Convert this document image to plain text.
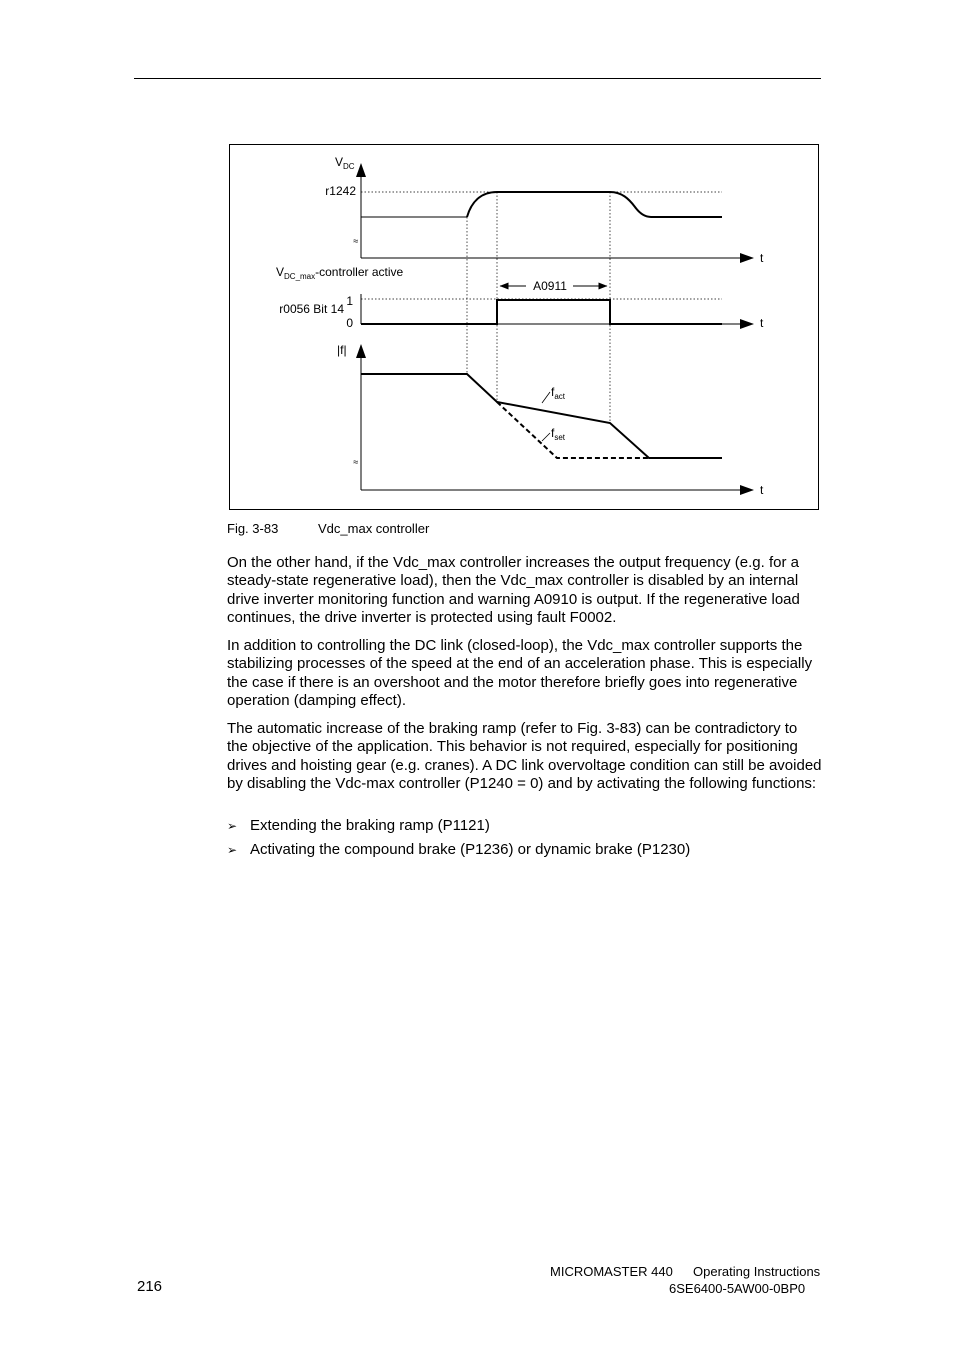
$V_{DC}$
r1242
t
≈
$V_{DC\_max}$-controller active
t
1
0
r0056 Bit 14
A0911
|f|
t
$f_{act}$
$f_{set}$
≈
Fig. 3-83	Vdc_max controller

On the other hand, if the Vdc_max controller increases the output frequency (e.g. for a steady-state regenerative load), then the Vdc_max controller is disabled by an internal drive inverter monitoring function and warning A0910 is output. If the regenerative load continues, the drive inverter is protected using fault F0002.

In addition to controlling the DC link (closed-loop), the Vdc_max controller supports the stabilizing processes of the speed at the end of an acceleration phase. This is especially the case if there is an overshoot and the motor therefore briefly goes into regenerative operation (damping effect).

The automatic increase of the braking ramp (refer to Fig. 3-83) can be contradictory to the objective of the application. This behavior is not required, especially for positioning drives and hoisting gear (e.g. cranes). A DC link overvoltage condition can still be avoided by disabling the Vdc-max controller (P1240 = 0) and by activating the following functions:

➢ Extending the braking ramp (P1121)
➢ Activating the compound brake (P1236) or dynamic brake (P1230)
MICROMASTER 440 Operating Instructions
6SE6400-5AW00-0BP0
216
